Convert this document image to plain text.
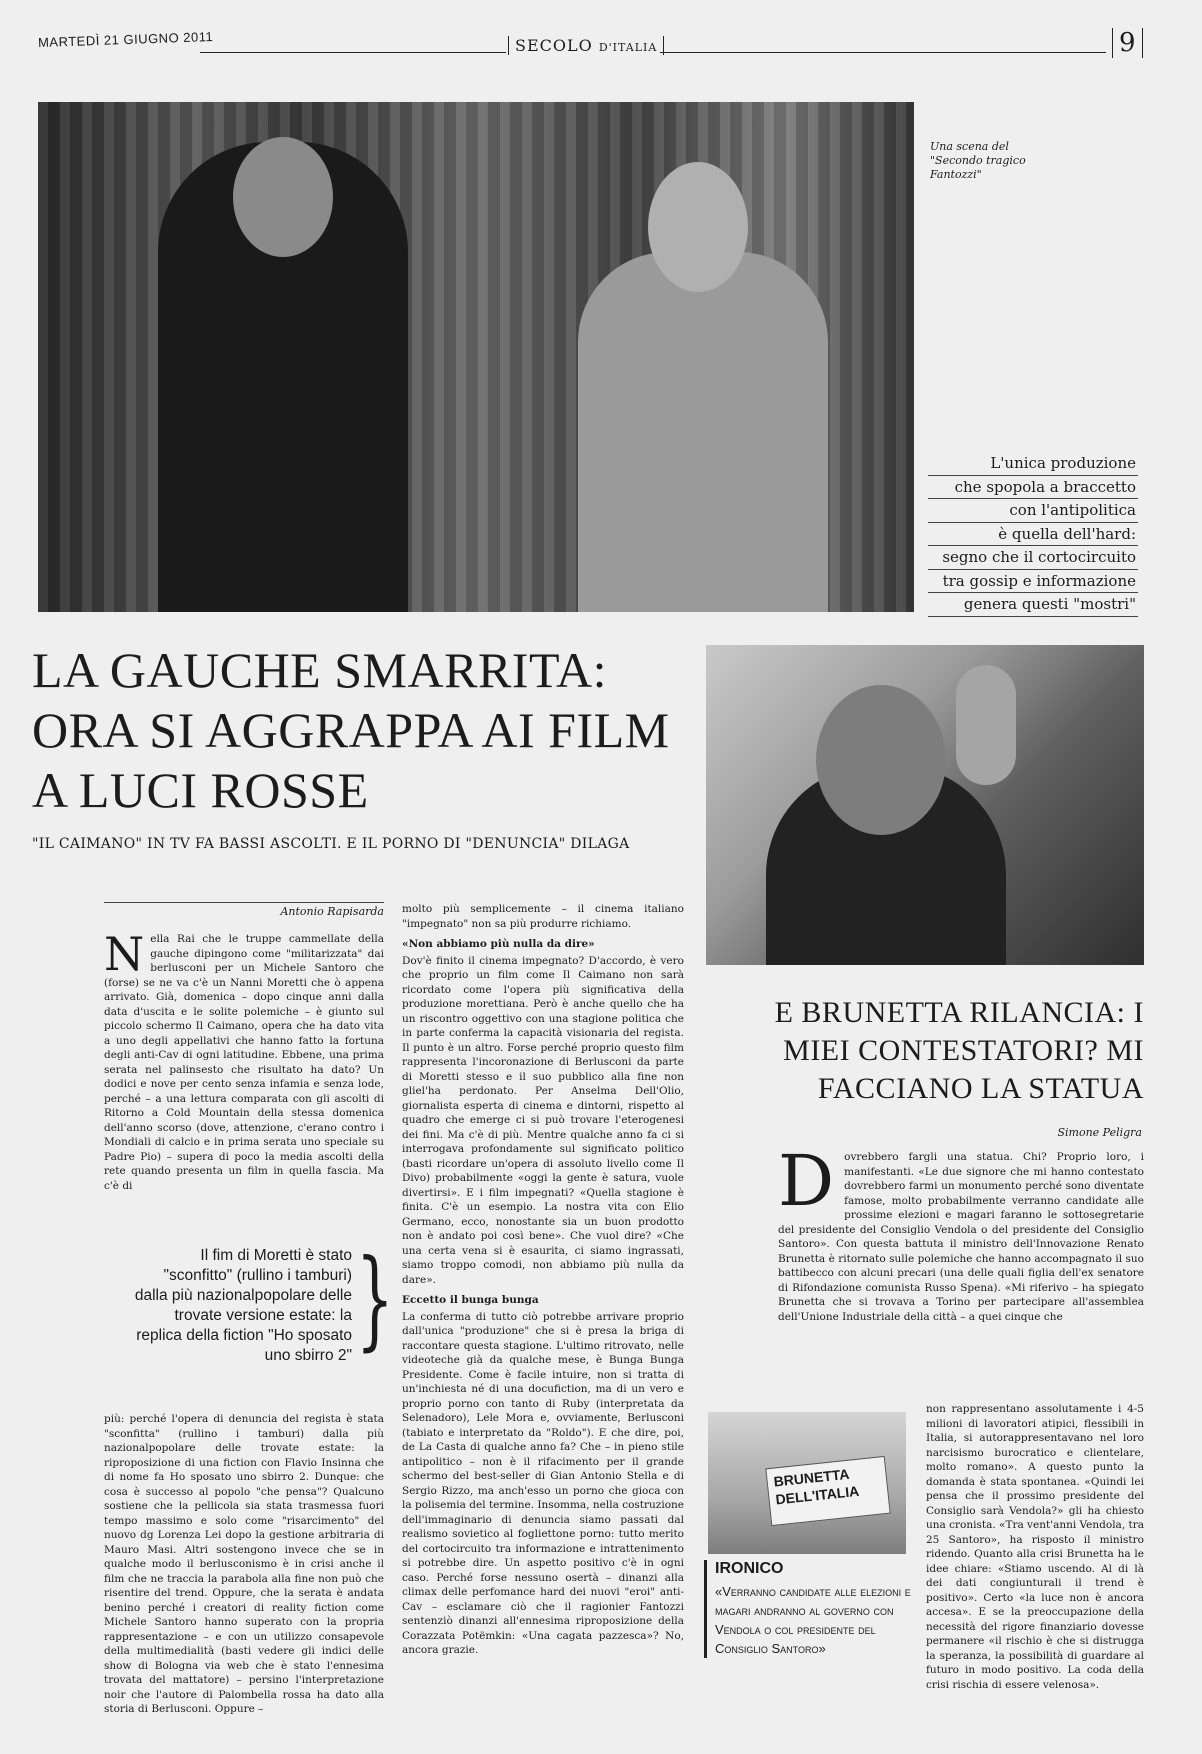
MARTEDÌ 21 GIUGNO 2011	SECOLO D'ITALIA	9
Una scena del "Secondo tragico Fantozzi"
L'unica produzione
che spopola a braccetto
con l'antipolitica
è quella dell'hard:
segno che il cortocircuito
tra gossip e informazione
genera questi "mostri"
LA GAUCHE SMARRITA: ORA SI AGGRAPPA AI FILM A LUCI ROSSE
"IL CAIMANO" IN TV FA BASSI ASCOLTI. E IL PORNO DI "DENUNCIA" DILAGA
Antonio Rapisarda
N ella Rai che le truppe cammellate della gauche dipingono come "militarizzata" dai berlusconi per un Michele Santoro che (forse) se ne va c'è un Nanni Moretti che ò appena arrivato. Già, domenica – dopo cinque anni dalla data d'uscita e le solite polemiche – è giunto sul piccolo schermo Il Caimano, opera che ha dato vita a uno degli appellativi che hanno fatto la fortuna degli anti-Cav di ogni latitudine. Ebbene, una prima serata nel palinsesto che risultato ha dato? Un dodici e nove per cento senza infamia e senza lode, perché – a una lettura comparata con gli ascolti di Ritorno a Cold Mountain della stessa domenica dell'anno scorso (dove, attenzione, c'erano contro i Mondiali di calcio e in prima serata uno speciale su Padre Pio) – supera di poco la media ascolti della rete quando presenta un film in quella fascia. Ma c'è di
Il fim di Moretti è stato "sconfitto" (rullino i tamburi) dalla più nazionalpopolare delle trovate versione estate: la replica della fiction "Ho sposato uno sbirro 2" }
più: perché l'opera di denuncia del regista è stata "sconfitta" (rullino i tamburi) dalla più nazionalpopolare delle trovate estate: la riproposizione di una fiction con Flavio Insinna che di nome fa Ho sposato uno sbirro 2. Dunque: che cosa è successo al popolo "che pensa"? Qualcuno sostiene che la pellicola sia stata trasmessa fuori tempo massimo e solo come "risarcimento" del nuovo dg Lorenza Lei dopo la gestione arbitraria di Mauro Masi. Altri sostengono invece che se in qualche modo il berlusconismo è in crisi anche il film che ne traccia la parabola alla fine non può che risentire del trend. Oppure, che la serata è andata benino perché i creatori di reality fiction come Michele Santoro hanno superato con la propria rappresentazione – e con un utilizzo consapevole della multimedialità (basti vedere gli indici delle show di Bologna via web che è stato l'ennesima trovata del mattatore) – persino l'interpretazione noir che l'autore di Palombella rossa ha dato alla storia di Berlusconi. Oppure –

molto più semplicemente – il cinema italiano "impegnato" non sa più produrre richiamo.

«Non abbiamo più nulla da dire»

Dov'è finito il cinema impegnato? D'accordo, è vero che proprio un film come Il Caimano non sarà ricordato come l'opera più significativa della produzione morettiana. Però è anche quello che ha un riscontro oggettivo con una stagione politica che in parte conferma la capacità visionaria del regista. Il punto è un altro. Forse perché proprio questo film rappresenta l'incoronazione di Berlusconi da parte di Moretti stesso e il suo pubblico alla fine non gliel'ha perdonato. Per Anselma Dell'Olio, giornalista esperta di cinema e dintorni, rispetto al quadro che emerge ci si può trovare l'eterogenesi dei fini. Ma c'è di più. Mentre qualche anno fa ci si interrogava profondamente sul significato politico (basti ricordare un'opera di assoluto livello come Il Divo) probabilmente «oggi la gente è satura, vuole divertirsi». E i film impegnati? «Quella stagione è finita. C'è un esempio. La nostra vita con Elio Germano, ecco, nonostante sia un buon prodotto non è andato poi così bene». Che vuol dire? «Che una certa vena si è esaurita, ci siamo ingrassati, siamo troppo comodi, non abbiamo più nulla da dare».

Eccetto il bunga bunga

La conferma di tutto ciò potrebbe arrivare proprio dall'unica "produzione" che si è presa la briga di raccontare questa stagione. L'ultimo ritrovato, nelle videoteche già da qualche mese, è Bunga Bunga Presidente. Come è facile intuire, non si tratta di un'inchiesta né di una docufiction, ma di un vero e proprio porno con tanto di Ruby (interpretata da Selenadoro), Lele Mora e, ovviamente, Berlusconi (tabiato e interpretato da "Roldo"). E che dire, poi, de La Casta di qualche anno fa? Che – in pieno stile antipolitico – non è il rifacimento per il grande schermo del best-seller di Gian Antonio Stella e di Sergio Rizzo, ma anch'esso un porno che gioca con la polisemia del termine. Insomma, nella costruzione dell'immaginario di denuncia siamo passati dal realismo sovietico al fogliettone porno: tutto merito del cortocircuito tra informazione e intrattenimento si potrebbe dire. Un aspetto positivo c'è in ogni caso. Perché forse nessuno osertà – dinanzi alla climax delle perfomance hard dei nuovi "eroi" anti-Cav – esclamare ciò che il ragionier Fantozzi sentenziò dinanzi all'ennesima riproposizione della Corazzata Potëmkin: «Una cagata pazzesca»? No, ancora grazie.

E BRUNETTA RILANCIA: I MIEI CONTESTATORI? MI FACCIANO LA STATUA
Simone Peligra
D ovrebbero fargli una statua. Chi? Proprio loro, i manifestanti. «Le due signore che mi hanno contestato dovrebbero farmi un monumento perché sono diventate famose, molto probabilmente verranno candidate alle prossime elezioni e magari faranno le sottosegretarie del presidente del Consiglio Vendola o del presidente del Consiglio Santoro». Con questa battuta il ministro dell'Innovazione Renato Brunetta è ritornato sulle polemiche che hanno accompagnato il suo battibecco con alcuni precari (una delle quali figlia dell'ex senatore di Rifondazione comunista Russo Spena). «Mi riferivo – ha spiegato Brunetta che si trovava a Torino per partecipare all'assemblea dell'Unione Industriale della città – a quei cinque che
BRUNETTA
DELL'ITALIA
non rappresentano assolutamente i 4-5 milioni di lavoratori atipici, flessibili in Italia, si autorappresentavano nel loro narcisismo burocratico e clientelare, molto romano». A questo punto la domanda è stata spontanea. «Quindi lei pensa che il prossimo presidente del Consiglio sarà Vendola?» gli ha chiesto una cronista. «Tra vent'anni Vendola, tra 25 Santoro», ha risposto il ministro ridendo. Quanto alla crisi Brunetta ha le idee chiare: «Stiamo uscendo. Al di là dei dati congiunturali il trend è positivo». Certo «la luce non è ancora accesa». E se la preoccupazione della necessità del rigore finanziario dovesse permanere «il rischio è che si distrugga la speranza, la possibilità di guardare al futuro in modo positivo. La coda della crisi rischia di essere velenosa».
IRONICO
«Verranno candidate alle elezioni e magari andranno al governo con Vendola o col presidente del Consiglio Santoro»
